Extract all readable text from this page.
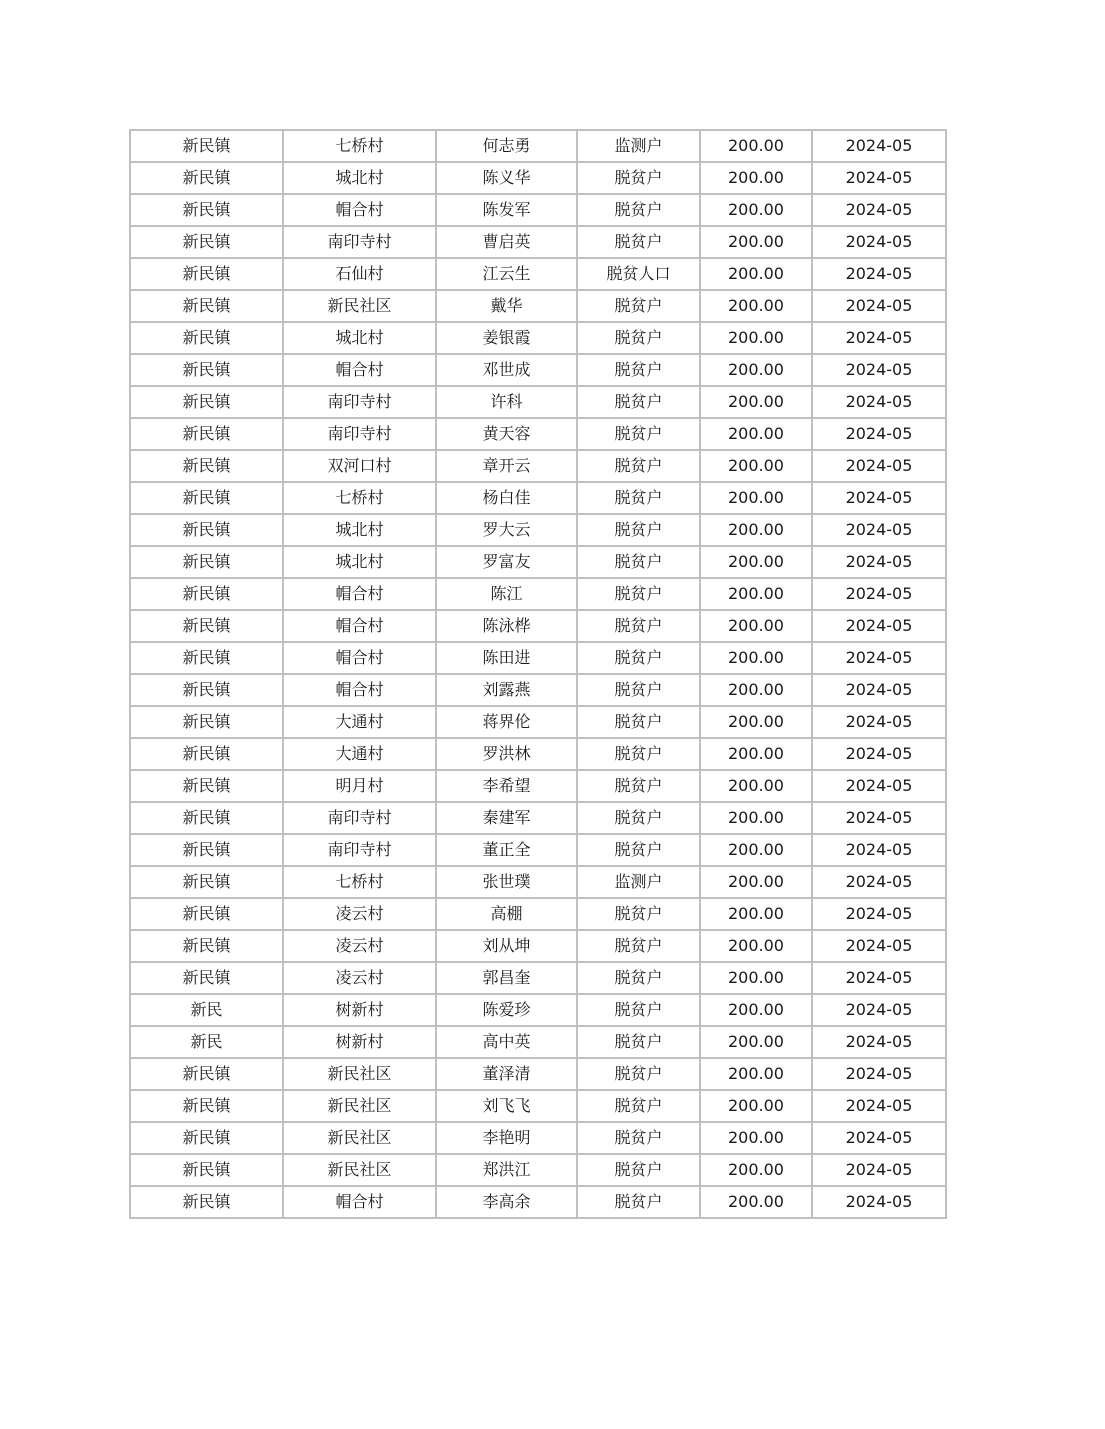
新民镇	七桥村	何志勇	监测户	200.00	2024-05
新民镇	城北村	陈义华	脱贫户	200.00	2024-05
新民镇	帽合村	陈发军	脱贫户	200.00	2024-05
新民镇	南印寺村	曹启英	脱贫户	200.00	2024-05
新民镇	石仙村	江云生	脱贫人口	200.00	2024-05
新民镇	新民社区	戴华	脱贫户	200.00	2024-05
新民镇	城北村	姜银霞	脱贫户	200.00	2024-05
新民镇	帽合村	邓世成	脱贫户	200.00	2024-05
新民镇	南印寺村	许科	脱贫户	200.00	2024-05
新民镇	南印寺村	黄天容	脱贫户	200.00	2024-05
新民镇	双河口村	章开云	脱贫户	200.00	2024-05
新民镇	七桥村	杨白佳	脱贫户	200.00	2024-05
新民镇	城北村	罗大云	脱贫户	200.00	2024-05
新民镇	城北村	罗富友	脱贫户	200.00	2024-05
新民镇	帽合村	陈江	脱贫户	200.00	2024-05
新民镇	帽合村	陈泳桦	脱贫户	200.00	2024-05
新民镇	帽合村	陈田进	脱贫户	200.00	2024-05
新民镇	帽合村	刘露燕	脱贫户	200.00	2024-05
新民镇	大通村	蒋界伦	脱贫户	200.00	2024-05
新民镇	大通村	罗洪林	脱贫户	200.00	2024-05
新民镇	明月村	李希望	脱贫户	200.00	2024-05
新民镇	南印寺村	秦建军	脱贫户	200.00	2024-05
新民镇	南印寺村	董正全	脱贫户	200.00	2024-05
新民镇	七桥村	张世璞	监测户	200.00	2024-05
新民镇	凌云村	高棚	脱贫户	200.00	2024-05
新民镇	凌云村	刘从坤	脱贫户	200.00	2024-05
新民镇	凌云村	郭昌奎	脱贫户	200.00	2024-05
新民	树新村	陈爱珍	脱贫户	200.00	2024-05
新民	树新村	高中英	脱贫户	200.00	2024-05
新民镇	新民社区	董泽清	脱贫户	200.00	2024-05
新民镇	新民社区	刘飞飞	脱贫户	200.00	2024-05
新民镇	新民社区	李艳明	脱贫户	200.00	2024-05
新民镇	新民社区	郑洪江	脱贫户	200.00	2024-05
新民镇	帽合村	李高余	脱贫户	200.00	2024-05
